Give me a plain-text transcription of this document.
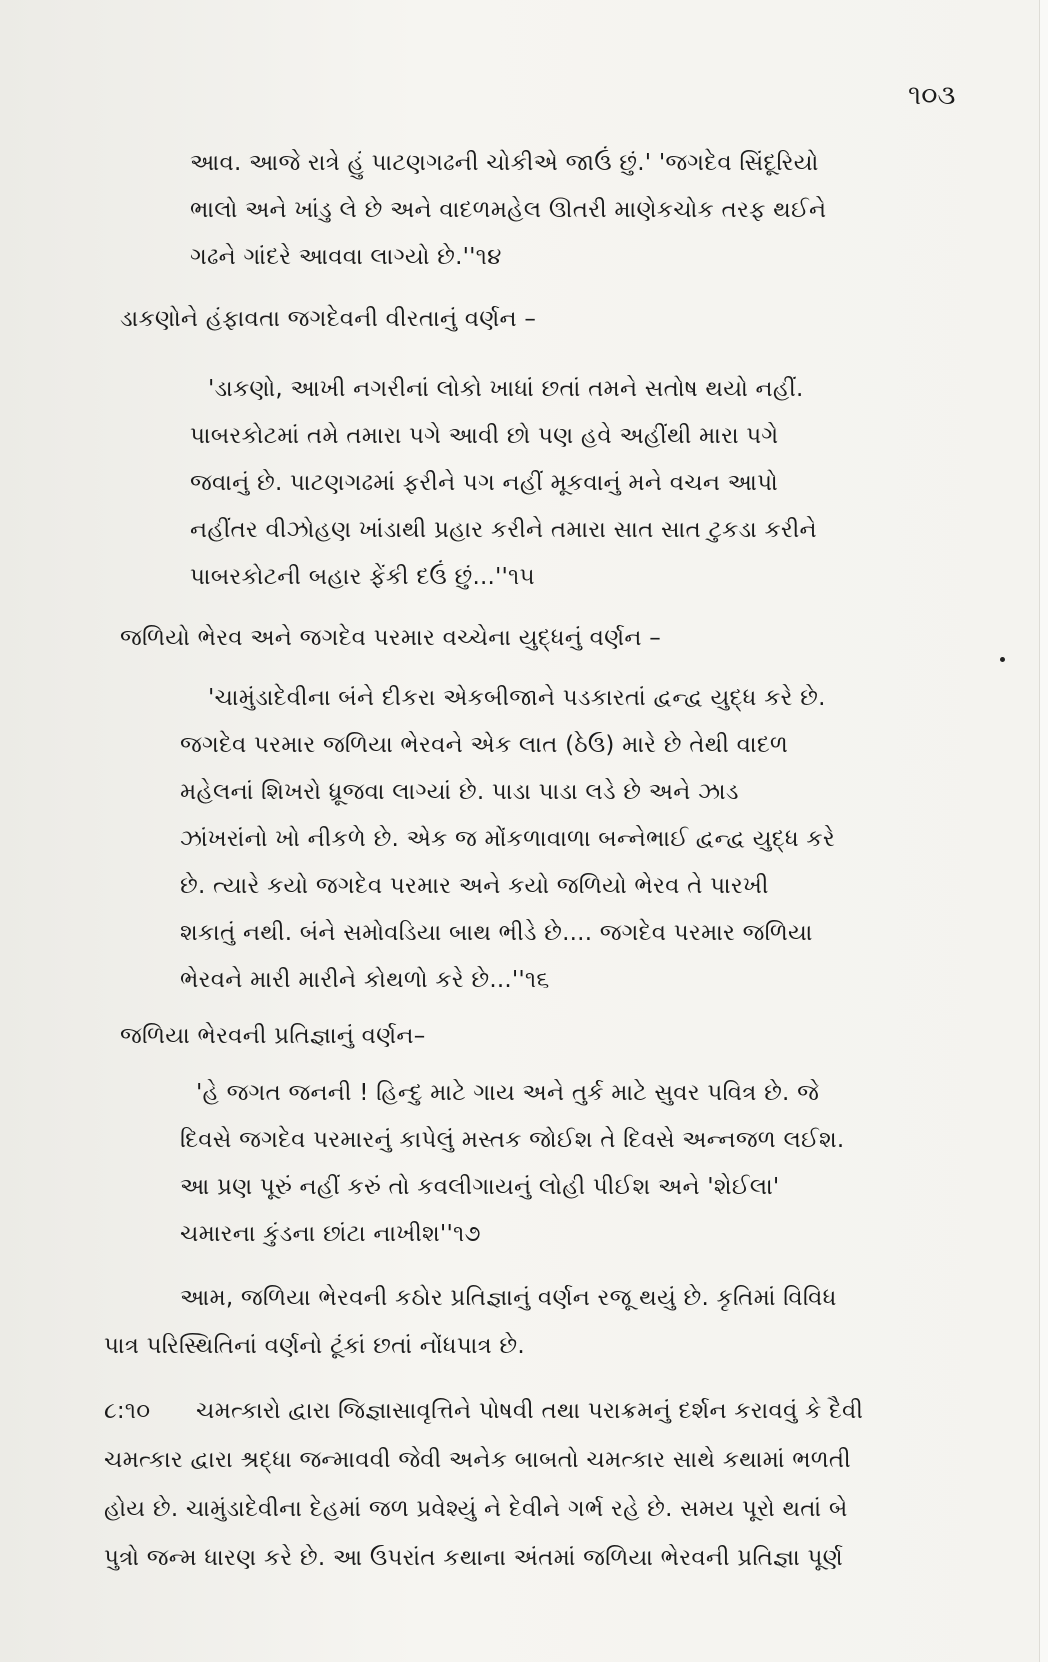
૧૦૩
આવ. આજે રાત્રે હું પાટણગઢની ચોકીએ જાઉં છું.' 'જગદેવ સિંદૂરિયો
ભાલો અને ખાંડુ લે છે અને વાદળમહેલ ઊતરી માણેકચોક તરફ થઈને
ગઢને ગાંદરે આવવા લાગ્યો છે.''૧૪
ડાકણોને હંફાવતા જગદેવની વીરતાનું વર્ણન –
'ડાકણો, આખી નગરીનાં લોકો ખાધાં છતાં તમને સતોષ થયો નહીં.
પાબરકોટમાં તમે તમારા પગે આવી છો પણ હવે અહીંથી મારા પગે
જવાનું છે. પાટણગઢમાં ફરીને પગ નહીં મૂકવાનું મને વચન આપો
નહીંતર વીઝોહણ ખાંડાથી પ્રહાર કરીને તમારા સાત સાત ટુકડા કરીને
પાબરકોટની બહાર ફેંકી દઉં છું...''૧૫
જળિયો ભેરવ અને જગદેવ પરમાર વચ્ચેના યુદ્ધનું વર્ણન –
'ચામુંડાદેવીના બંને દીકરા એકબીજાને પડકારતાં દ્વન્દ્વ યુદ્ધ કરે છે.
જગદેવ પરમાર જળિયા ભેરવને એક લાત (ઠેઉ) મારે છે તેથી વાદળ
મહેલનાં શિખરો ધ્રૂજવા લાગ્યાં છે. પાડા પાડા લડે છે અને ઝાડ
ઝાંખરાંનો ખો નીકળે છે. એક જ મોંકળાવાળા બન્નેભાઈ દ્વન્દ્વ યુદ્ધ કરે
છે. ત્યારે કયો જગદેવ પરમાર અને કયો જળિયો ભેરવ તે પારખી
શકાતું નથી. બંને સમોવડિયા બાથ ભીડે છે.... જગદેવ પરમાર જળિયા
ભેરવને મારી મારીને કોથળો કરે છે...''૧૬
જળિયા ભેરવની પ્રતિજ્ઞાનું વર્ણન–
'હે જગત જનની ! હિન્દુ માટે ગાય અને તુર્ક માટે સુવર પવિત્ર છે. જે
દિવસે જગદેવ પરમારનું કાપેલું મસ્તક જોઈશ તે દિવસે અન્નજળ લઈશ.
આ પ્રણ પૂરું નહીં કરું તો કવલીગાયનું લોહી પીઈશ અને 'શેઈલા'
ચમારના કુંડના છાંટા નાખીશ''૧૭
આમ, જળિયા ભેરવની કઠોર પ્રતિજ્ઞાનું વર્ણન રજૂ થયું છે. કૃતિમાં વિવિધ
પાત્ર પરિસ્થિતિનાં વર્ણનો ટૂંકાં છતાં નોંધપાત્ર છે.
૮:૧૦ ચમત્કારો દ્વારા જિજ્ઞાસાવૃત્તિને પોષવી તથા પરાક્રમનું દર્શન કરાવવું કે દૈવી
ચમત્કાર દ્વારા શ્રદ્ધા જન્માવવી જેવી અનેક બાબતો ચમત્કાર સાથે કથામાં ભળતી
હોય છે. ચામુંડાદેવીના દેહમાં જળ પ્રવેશ્યું ને દેવીને ગર્ભ રહે છે. સમય પૂરો થતાં બે
પુત્રો જન્મ ધારણ કરે છે. આ ઉપરાંત કથાના અંતમાં જળિયા ભેરવની પ્રતિજ્ઞા પૂર્ણ
